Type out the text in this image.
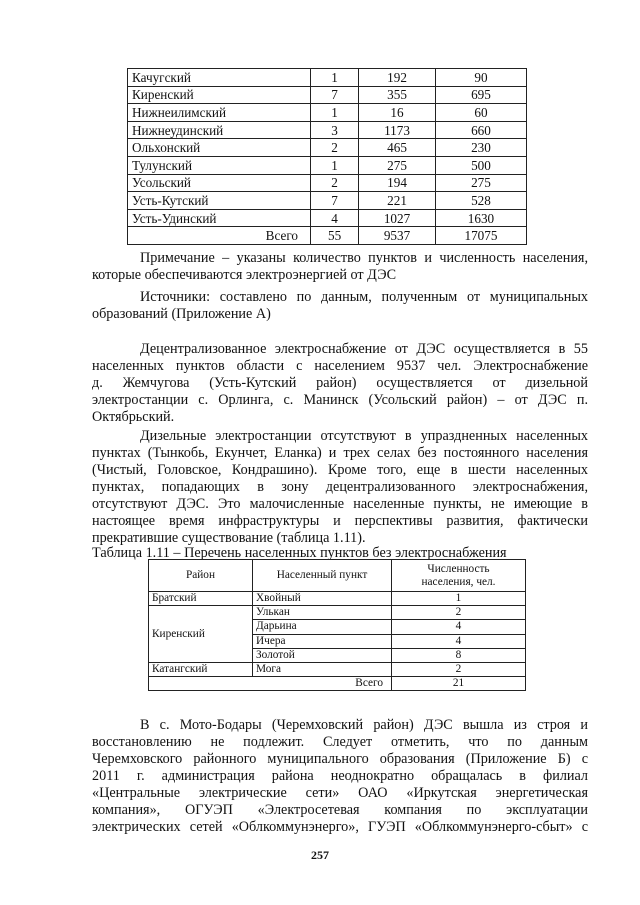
Качугский	1	192	90
Киренский	7	355	695
Нижнеилимский	1	16	60
Нижнеудинский	3	1173	660
Ольхонский	2	465	230
Тулунский	1	275	500
Усольский	2	194	275
Усть-Кутский	7	221	528
Усть-Удинский	4	1027	1630
Всего	55	9537	17075
Примечание – указаны количество пунктов и численность населения,
которые обеспечиваются электроэнергией от ДЭС
Источники: составлено по данным, полученным от муниципальных
образований (Приложение А)
Децентрализованное электроснабжение от ДЭС осуществляется в 55
населенных пунктов области с населением 9537 чел. Электроснабжение
д. Жемчугова (Усть-Кутский район) осуществляется от дизельной
электростанции с. Орлинга, с. Манинск (Усольский район) – от ДЭС п.
Октябрьский.
Дизельные электростанции отсутствуют в упраздненных населенных
пунктах (Тынкобь, Екунчет, Еланка) и трех селах без постоянного населения
(Чистый, Головское, Кондрашино). Кроме того, еще в шести населенных
пунктах, попадающих в зону децентрализованного электроснабжения,
отсутствуют ДЭС. Это малочисленные населенные пункты, не имеющие в
настоящее время инфраструктуры и перспективы развития, фактически
прекратившие существование (таблица 1.11).
Таблица 1.11 – Перечень населенных пунктов без электроснабжения
Район	Населенный пункт	Численность
населения, чел.

Братский	Хвойный	1
Киренский	Улькан	2
	Дарьина	4
	Ичера	4
	Золотой	8
Катангский	Мога	2
Всего		21
В с. Мото-Бодары (Черемховский район) ДЭС вышла из строя и
восстановлению не подлежит. Следует отметить, что по данным
Черемховского районного муниципального образования (Приложение Б) с
2011 г. администрация района неоднократно обращалась в филиал
«Центральные электрические сети» ОАО «Иркутская энергетическая
компания», ОГУЭП «Электросетевая компания по эксплуатации
электрических сетей «Облкоммунэнерго», ГУЭП «Облкоммунэнерго-сбыт» с
257
